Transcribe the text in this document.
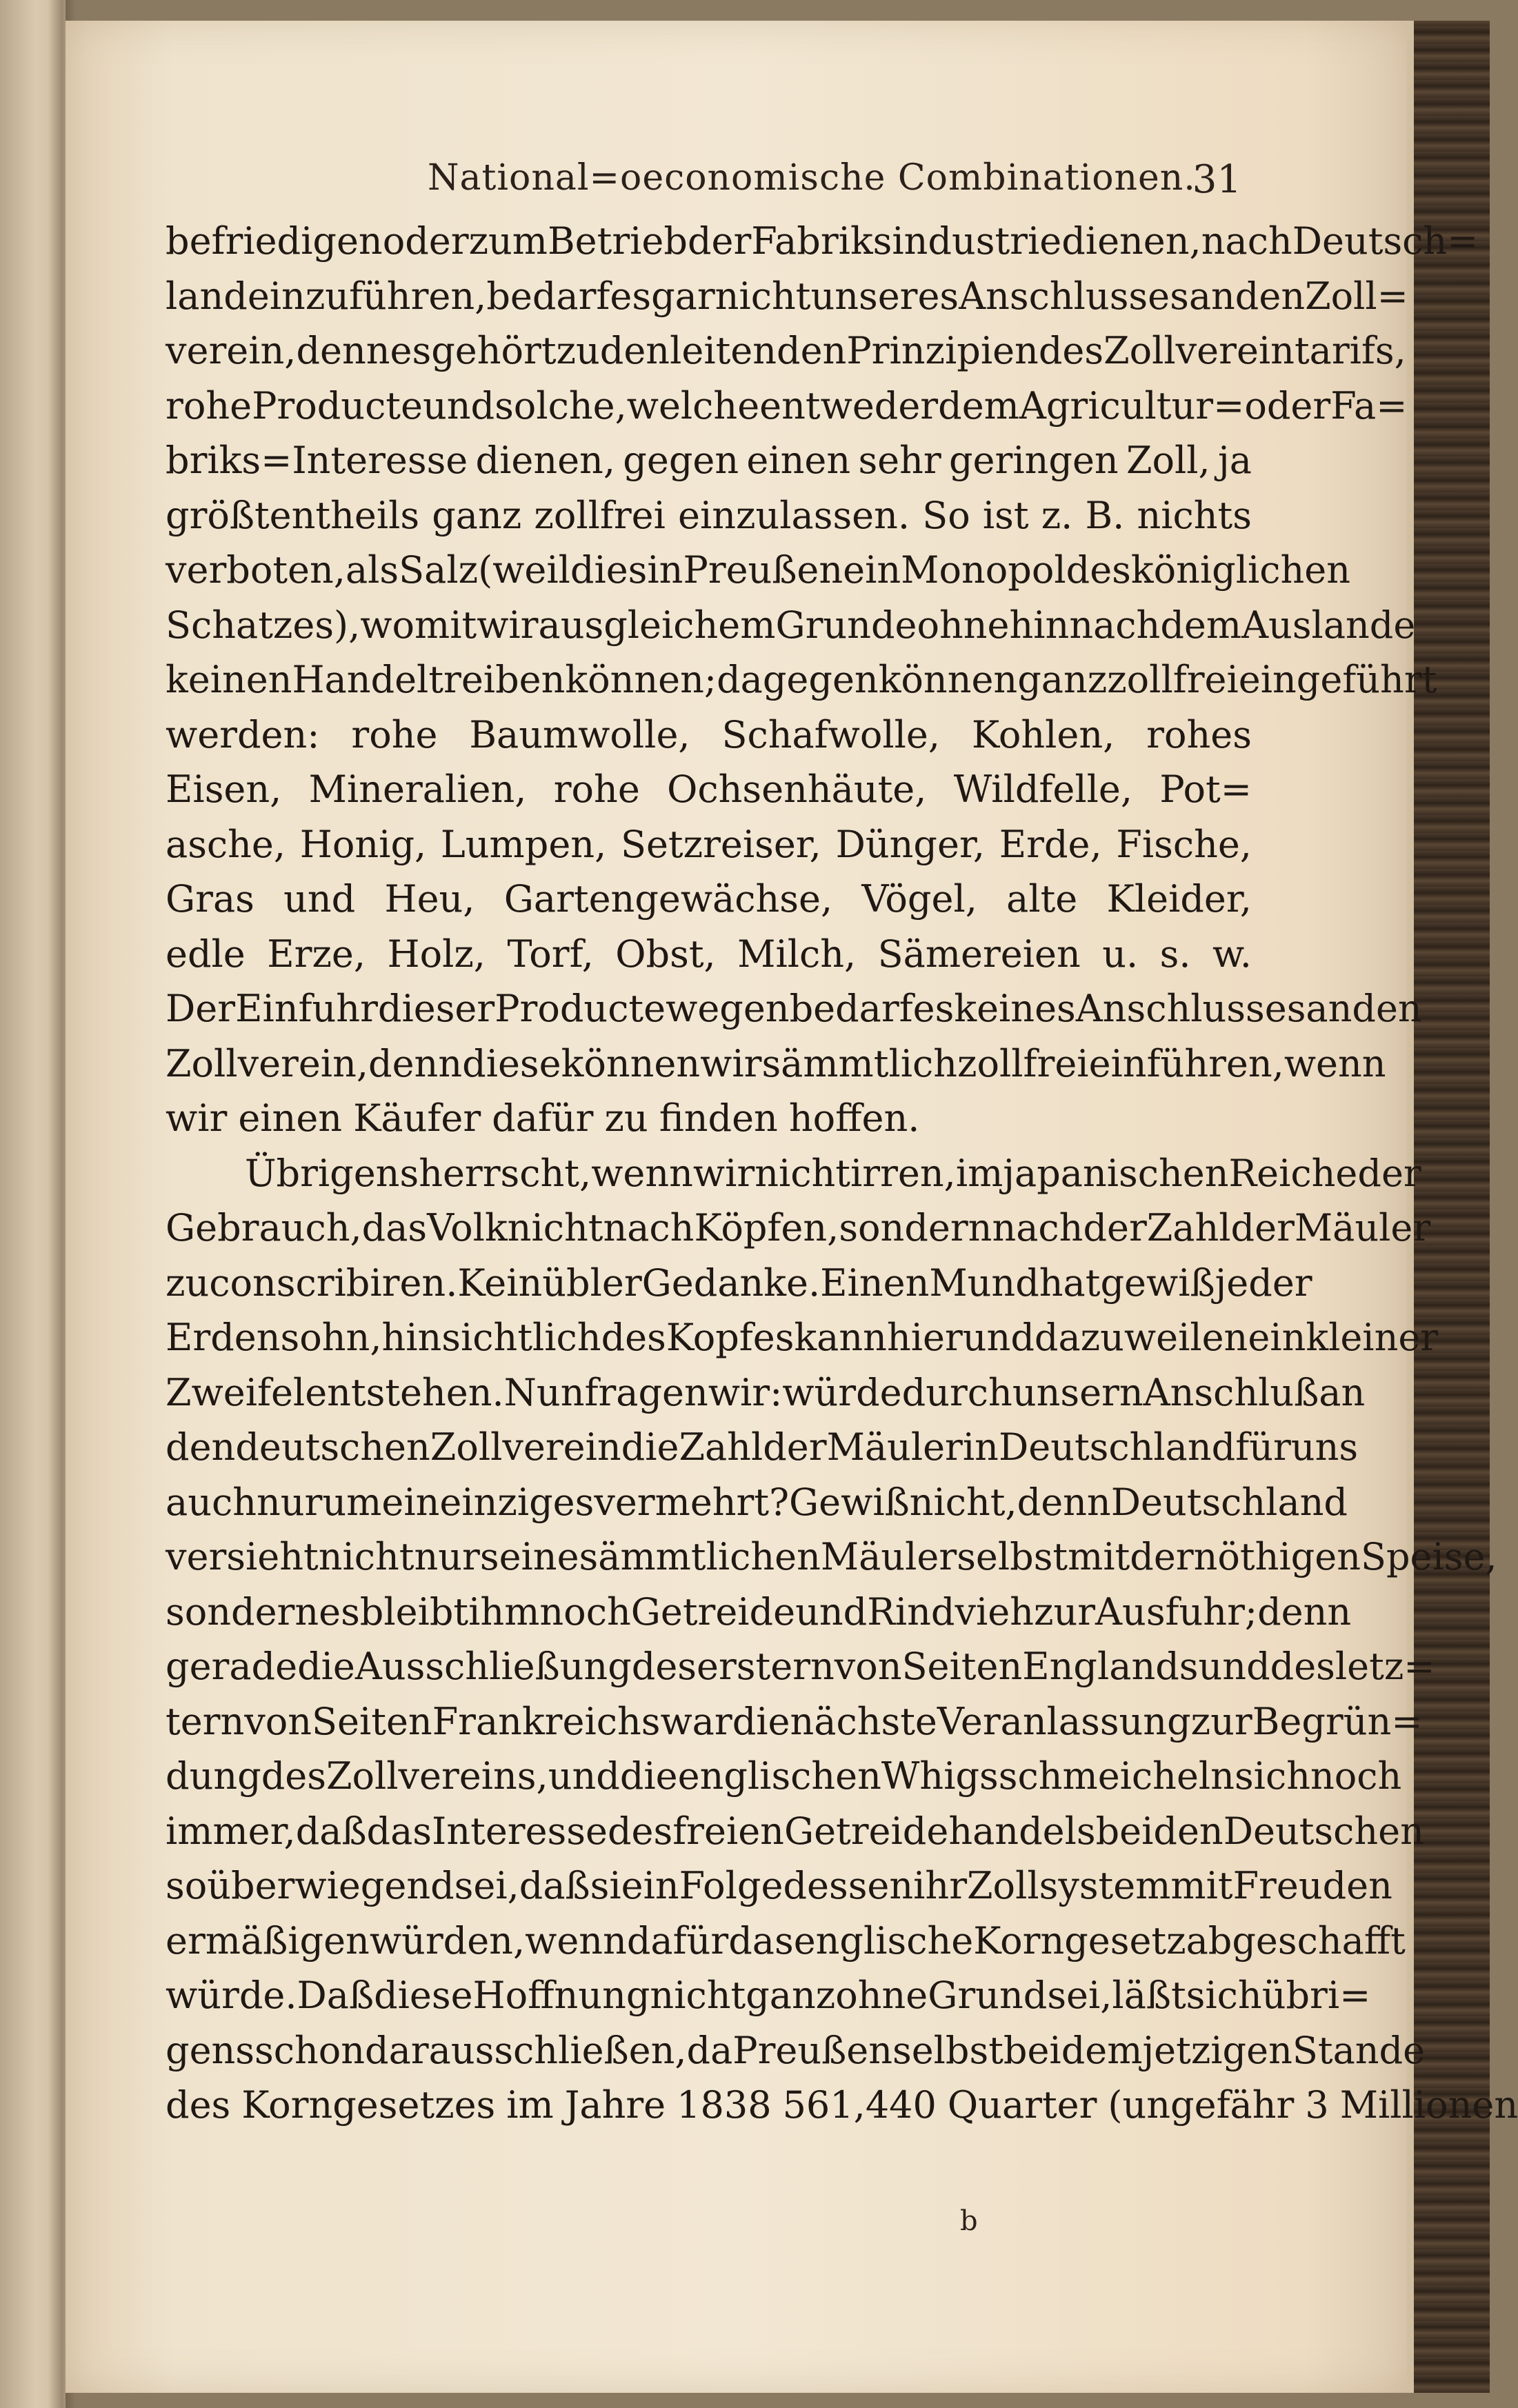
National=oeconomische Combinationen.
31
befriedigen oder zum Betrieb der Fabriksindustrie dienen, nach Deutsch=
land einzuführen, bedarf es gar nicht unseres Anschlusses an den Zoll=
verein, denn es gehört zu den leitenden Prinzipien des Zollvereintarifs,
rohe Producte und solche, welche entweder dem Agricultur= oder Fa=
briks=Interesse dienen, gegen einen sehr geringen Zoll, ja
größtentheils ganz zollfrei einzulassen. So ist z. B. nichts
verboten, als Salz (weil dies in Preußen ein Monopol des königlichen
Schatzes), womit wir aus gleichem Grunde ohnehin nach dem Auslande
keinen Handel treiben können; dagegen können ganz zollfrei eingeführt
werden: rohe Baumwolle, Schafwolle, Kohlen, rohes
Eisen, Mineralien, rohe Ochsenhäute, Wildfelle, Pot=
asche, Honig, Lumpen, Setzreiser, Dünger, Erde, Fische,
Gras und Heu, Gartengewächse, Vögel, alte Kleider,
edle Erze, Holz, Torf, Obst, Milch, Sämereien u. s. w.
Der Einfuhr dieser Producte wegen bedarf es keines Anschlusses an den
Zollverein, denn diese können wir sämmtlich zollfrei einführen, wenn
wir einen Käufer dafür zu finden hoffen.
Übrigens herrscht, wenn wir nicht irren, im japanischen Reiche der
Gebrauch, das Volk nicht nach Köpfen, sondern nach der Zahl der Mäuler
zu conscribiren. Kein übler Gedanke. Einen Mund hat gewiß jeder
Erdensohn, hinsichtlich des Kopfes kann hier und da zuweilen ein kleiner
Zweifel entstehen. Nun fragen wir: würde durch unsern Anschluß an
den deutschen Zollverein die Zahl der Mäuler in Deutschland für uns
auch nur um ein einziges vermehrt? Gewiß nicht, denn Deutschland
versieht nicht nur seine sämmtlichen Mäuler selbst mit der nöthigen Speise,
sondern es bleibt ihm noch Getreide und Rindvieh zur Ausfuhr; denn
gerade die Ausschließung des erstern von Seiten Englands und des letz=
tern von Seiten Frankreichs war die nächste Veranlassung zur Begrün=
dung des Zollvereins, und die englischen Whigs schmeicheln sich noch
immer, daß das Interesse des freien Getreidehandels bei den Deutschen
so überwiegend sei, daß sie in Folge dessen ihr Zollsystem mit Freuden
ermäßigen würden, wenn dafür das englische Korngesetz abgeschafft
würde. Daß diese Hoffnung nicht ganz ohne Grund sei, läßt sich übri=
gens schon daraus schließen, da Preußen selbst bei dem jetzigen Stande
des Korngesetzes im Jahre 1838 561,440 Quarter (ungefähr 3 Millionen
b
